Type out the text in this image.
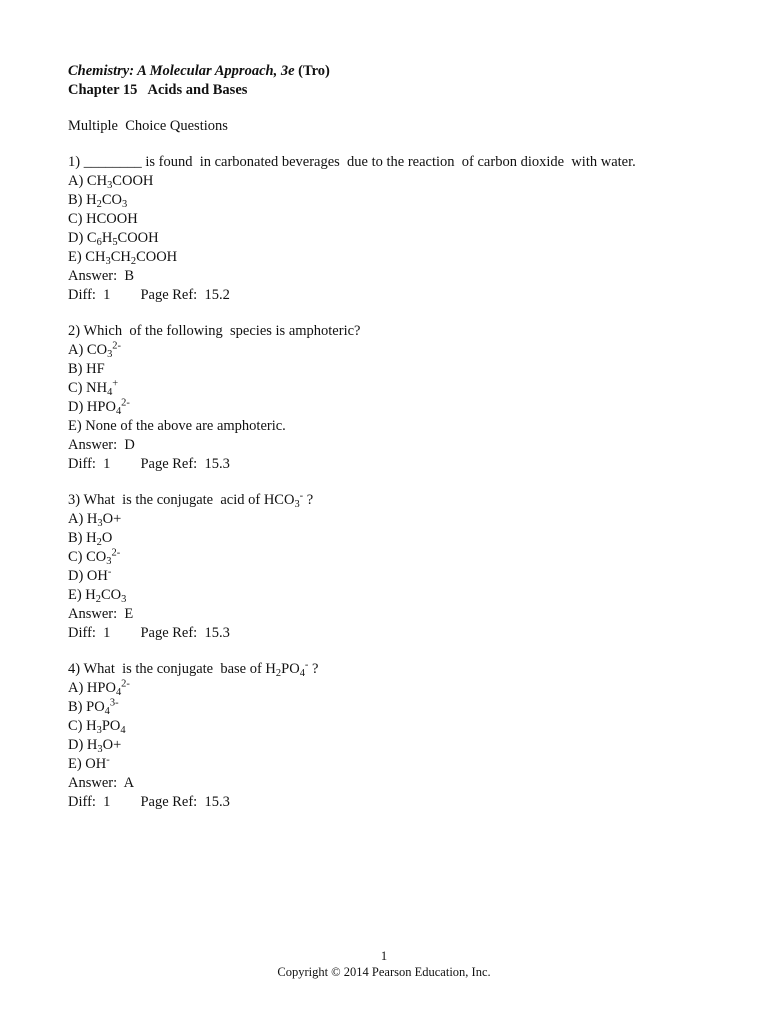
Chemistry: A Molecular Approach, 3e (Tro)
Chapter 15   Acids and Bases
Multiple  Choice Questions
1) ________ is found  in carbonated beverages  due to the reaction  of carbon dioxide  with water.
A) $CH_3COOH$
B) $H_2CO_3$
C) HCOOH
D) $C_6H_5COOH$
E) $CH_3CH_2COOH$
Answer:  B
Diff:  1 Page Ref:  15.2
2) Which  of the following  species is amphoteric?
A) $CO_3^{2-}$
B) HF
C) $NH_4^+$
D) $HPO_4^{2-}$
E) None of the above are amphoteric.
Answer:  D
Diff:  1 Page Ref:  15.3
3) What  is the conjugate  acid of $HCO_3^-$ ?
A) $H_3O+$
B) $H_2O$
C) $CO_3^{2-}$
D) OH-
E) $H_2CO_3$
Answer:  E
Diff:  1 Page Ref:  15.3
4) What  is the conjugate  base of $H_2PO_4^-$ ?
A) $HPO_4^{2-}$
B) $PO_4^{3-}$
C) $H_3PO_4$
D) $H_3O+$
E) OH-
Answer:  A
Diff:  1 Page Ref:  15.3
1
Copyright © 2014 Pearson Education, Inc.
